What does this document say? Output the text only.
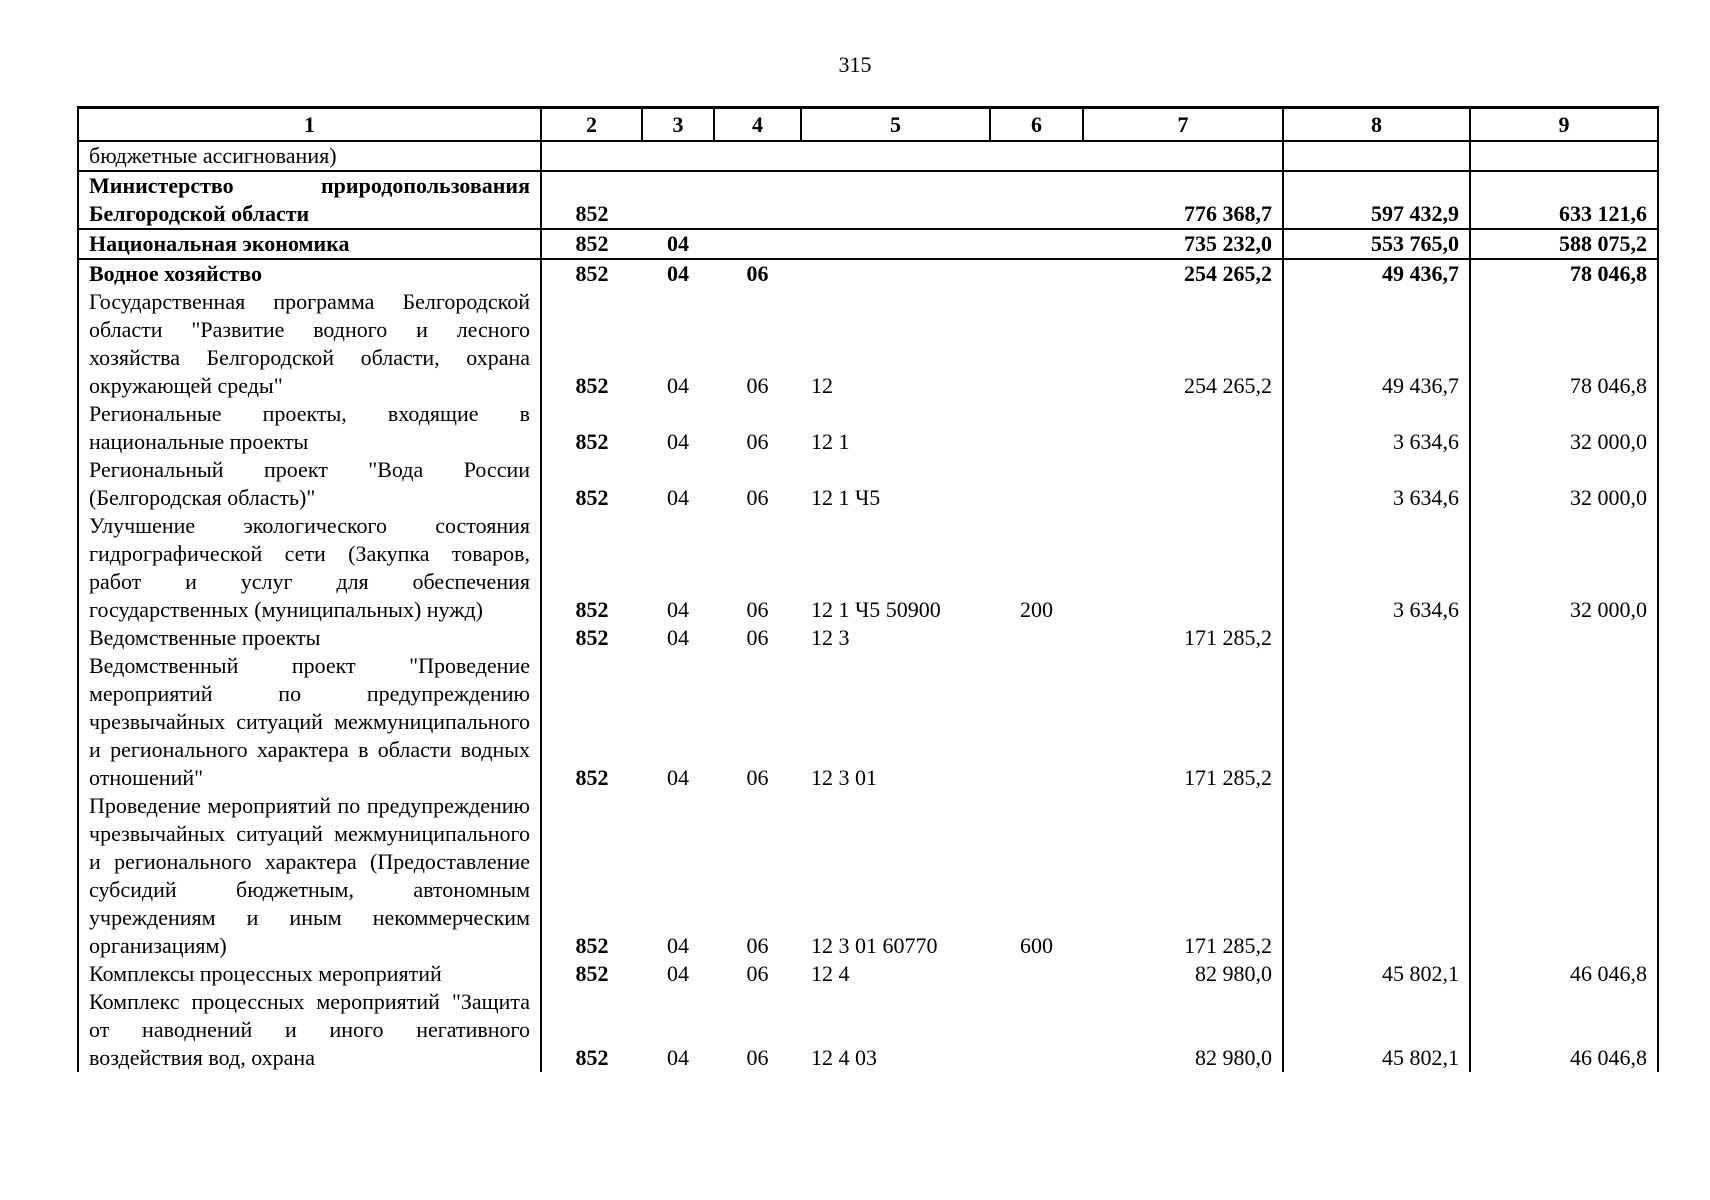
315
1	2	3	4	5	6	7	8	9
бюджетные ассигнования)								
Министерство природопользования Белгородской области	852					776 368,7	597 432,9	633 121,6
Национальная экономика	852	04				735 232,0	553 765,0	588 075,2
Водное хозяйство	852	04	06			254 265,2	49 436,7	78 046,8
Государственная программа Белгородской области "Развитие водного и лесного хозяйства Белгородской области, охрана окружающей среды"	852	04	06	12		254 265,2	49 436,7	78 046,8
Региональные проекты, входящие в национальные проекты	852	04	06	12 1			3 634,6	32 000,0
Региональный проект "Вода России (Белгородская область)"	852	04	06	12 1 Ч5			3 634,6	32 000,0
Улучшение экологического состояния гидрографической сети (Закупка товаров, работ и услуг для обеспечения государственных (муниципальных) нужд)	852	04	06	12 1 Ч5 50900	200		3 634,6	32 000,0
Ведомственные проекты	852	04	06	12 3		171 285,2		
Ведомственный проект "Проведение мероприятий по предупреждению чрезвычайных ситуаций межмуниципального и регионального характера в области водных отношений"	852	04	06	12 3 01		171 285,2		
Проведение мероприятий по предупреждению чрезвычайных ситуаций межмуниципального и регионального характера (Предоставление субсидий бюджетным, автономным учреждениям и иным некоммерческим организациям)	852	04	06	12 3 01 60770	600	171 285,2		
Комплексы процессных мероприятий	852	04	06	12 4		82 980,0	45 802,1	46 046,8
Комплекс процессных мероприятий "Защита от наводнений и иного негативного воздействия вод, охрана	852	04	06	12 4 03		82 980,0	45 802,1	46 046,8
